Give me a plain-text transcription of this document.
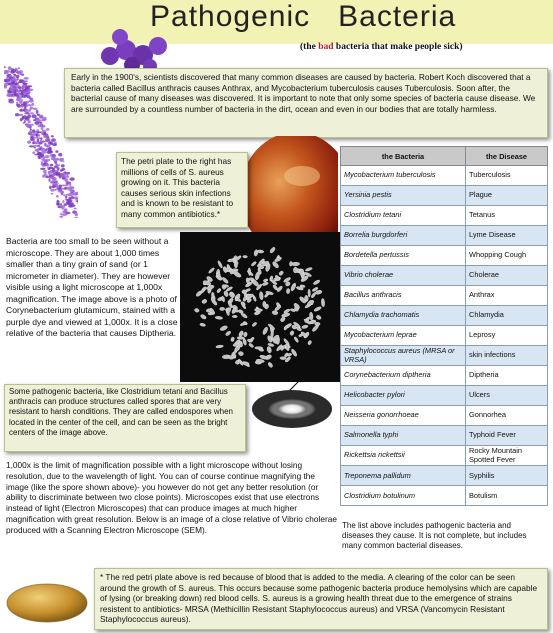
Pathogenic   Bacteria
(the bad bacteria that make people sick)
Early in the 1900's, scientists discovered that many common diseases are caused by bacteria. Robert Koch discovered that a bacteria called Bacillus anthracis causes Anthrax, and Mycobacterium tuberculosis causes Tuberculosis. Soon after, the bacterial cause of many diseases was discovered. It is important to note that only some species of bacteria cause disease. We are surrounded by a countless number of bacteria in the dirt, ocean and even in our bodies that are totally harmless.
The petri plate to the right has millions of cells of S. aureus growing on it. This bacteria causes serious skin infections and is known to be resistant to many common antibiotics.*
Bacteria are too small to be seen without a microscope. They are about 1,000 times smaller than a tiny grain of sand (or 1 micrometer in diameter). They are however visible using a light microscope at 1,000x magnification. The image above is a photo of Corynebacterium glutamicum, stained with a purple dye and viewed at 1,000x. It is a close relative of the bacteria that causes Diptheria.
Some pathogenic bacteria, like Clostridium tetani and Bacillus anthracis can produce structures called spores that are very resistant to harsh conditions. They are called endospores when located in the center of the cell, and can be seen as the bright centers of the image above.
1,000x is the limit of magnification possible with a light microscope without losing resolution, due to the wavelength of light. You can of course continue magnifying the image (like the spore shown above)- you however do not get any better resolution (or ability to discriminate between two close points). Microscopes exist that use electrons instead of light (Electron Microscopes) that can produce images at much higher magnification with great resolution. Below is an image of a close relative of Vibrio cholerae produced with a Scanning Electron Microscope (SEM).
the Bacteria	the Disease
Mycobacterium tuberculosis	Tuberculosis
Yersinia pestis	Plague
Clostridium tetani	Tetanus
Borrelia burgdorferi	Lyme Disease
Bordetella pertussis	Whopping Cough
Vibrio cholerae	Cholerae
Bacillus anthracis	Anthrax
Chlamydia trachomatis	Chlamydia
Mycobacterium leprae	Leprosy
Staphylococcus aureus (MRSA or VRSA)	skin infections
Corynebacterium diptheria	Diptheria
Helicobacter pylori	Ulcers
Neisseria gonorrhoeae	Gonnorhea
Salmonella typhi	Typhoid Fever
Rickettsia rickettsii	Rocky Mountain Spotted Fever
Treponema pallidum	Syphilis
Clostridium botulinum	Botulism
The list above includes pathogenic bacteria and diseases they cause. It is not complete, but includes many common bacterial diseases.
* The red petri plate above is red because of blood that is added to the media. A clearing of the color can be seen around the growth of S. aureus. This occurs because some pathogenic bacteria produce hemolysins which are capable of lysing (or breaking down) red blood cells. S. aureus is a growing health threat due to the emergence of strains resistent to antibiotics- MRSA (Methicillin Resistant Staphylococcus aureus) and VRSA (Vancomycin Resistant Staphylococcus aureus).
